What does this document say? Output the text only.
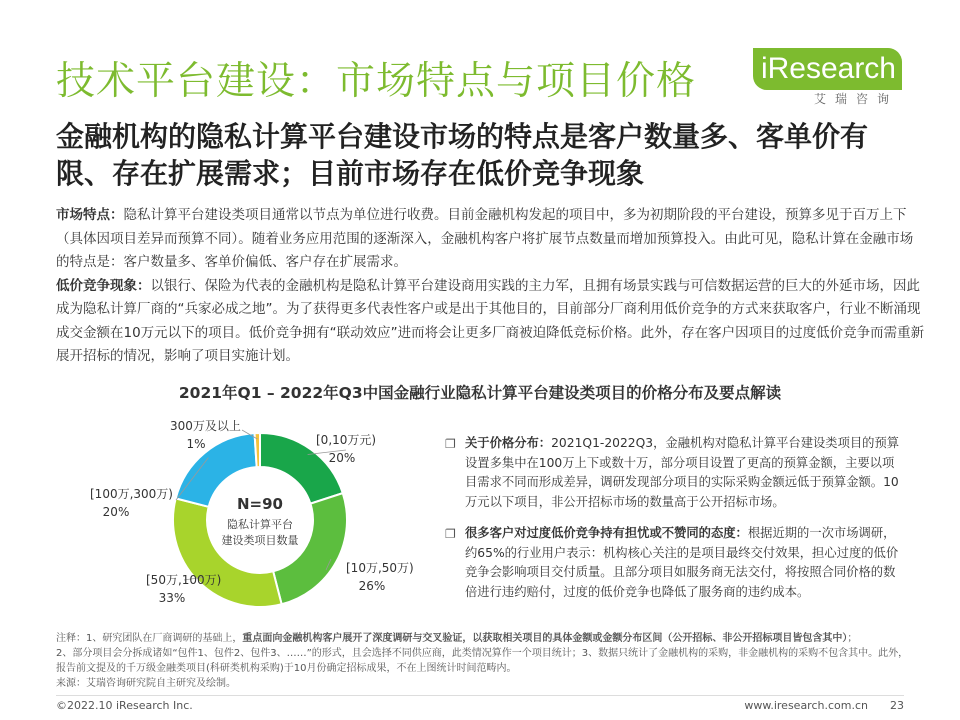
技术平台建设：市场特点与项目价格 iResearch
艾瑞咨询
金融机构的隐私计算平台建设市场的特点是客户数量多、客单价有限、存在扩展需求；目前市场存在低价竞争现象

市场特点：隐私计算平台建设类项目通常以节点为单位进行收费。目前金融机构发起的项目中，多为初期阶段的平台建设，预算多见于百万上下（具体因项目差异而预算不同）。随着业务应用范围的逐渐深入，金融机构客户将扩展节点数量而增加预算投入。由此可见，隐私计算在金融市场的特点是：客户数量多、客单价偏低、客户存在扩展需求。

低价竞争现象：以银行、保险为代表的金融机构是隐私计算平台建设商用实践的主力军，且拥有场景实践与可信数据运营的巨大的外延市场，因此成为隐私计算厂商的“兵家必成之地”。为了获得更多代表性客户或是出于其他目的，目前部分厂商利用低价竞争的方式来获取客户，行业不断涌现成交金额在10万元以下的项目。低价竞争拥有“联动效应”进而将会让更多厂商被迫降低竞标价格。此外，存在客户因项目的过度低价竞争而需重新展开招标的情况，影响了项目实施计划。

2021年Q1 – 2022年Q3中国金融行业隐私计算平台建设类项目的价格分布及要点解读
[0,10万元)
20%
[10万,50万)
26%
[50万,100万)
33%
[100万,300万)
20%
300万及以上
1%
N=90
隐私计算平台
建设类项目数量
❐ 关于价格分布：2021Q1-2022Q3，金融机构对隐私计算平台建设类项目的预算设置多集中在100万上下或数十万，部分项目设置了更高的预算金额，主要以项目需求不同而形成差异，调研发现部分项目的实际采购金额远低于预算金额。10万元以下项目，非公开招标市场的数量高于公开招标市场。
❐ 很多客户对过度低价竞争持有担忧或不赞同的态度：根据近期的一次市场调研，约65%的行业用户表示：机构核心关注的是项目最终交付效果，担心过度的低价竞争会影响项目交付质量。且部分项目如服务商无法交付，将按照合同价格的数倍进行违约赔付，过度的低价竞争也降低了服务商的违约成本。
注释：1、研究团队在厂商调研的基础上，重点面向金融机构客户展开了深度调研与交叉验证，以获取相关项目的具体金额或金额分布区间（公开招标、非公开招标项目皆包含其中）；
2、部分项目会分拆成诸如“包件1、包件2、包件3、……”的形式，且会选择不同供应商，此类情况算作一个项目统计；3、数据只统计了金融机构的采购，非金融机构的采购不包含其中。此外，报告前文提及的千万级金融类项目(科研类机构采购)于10月份确定招标成果，不在上图统计时间范畴内。
来源：艾瑞咨询研究院自主研究及绘制。
©2022.10 iResearch Inc.	www.iresearch.com.cn 23
